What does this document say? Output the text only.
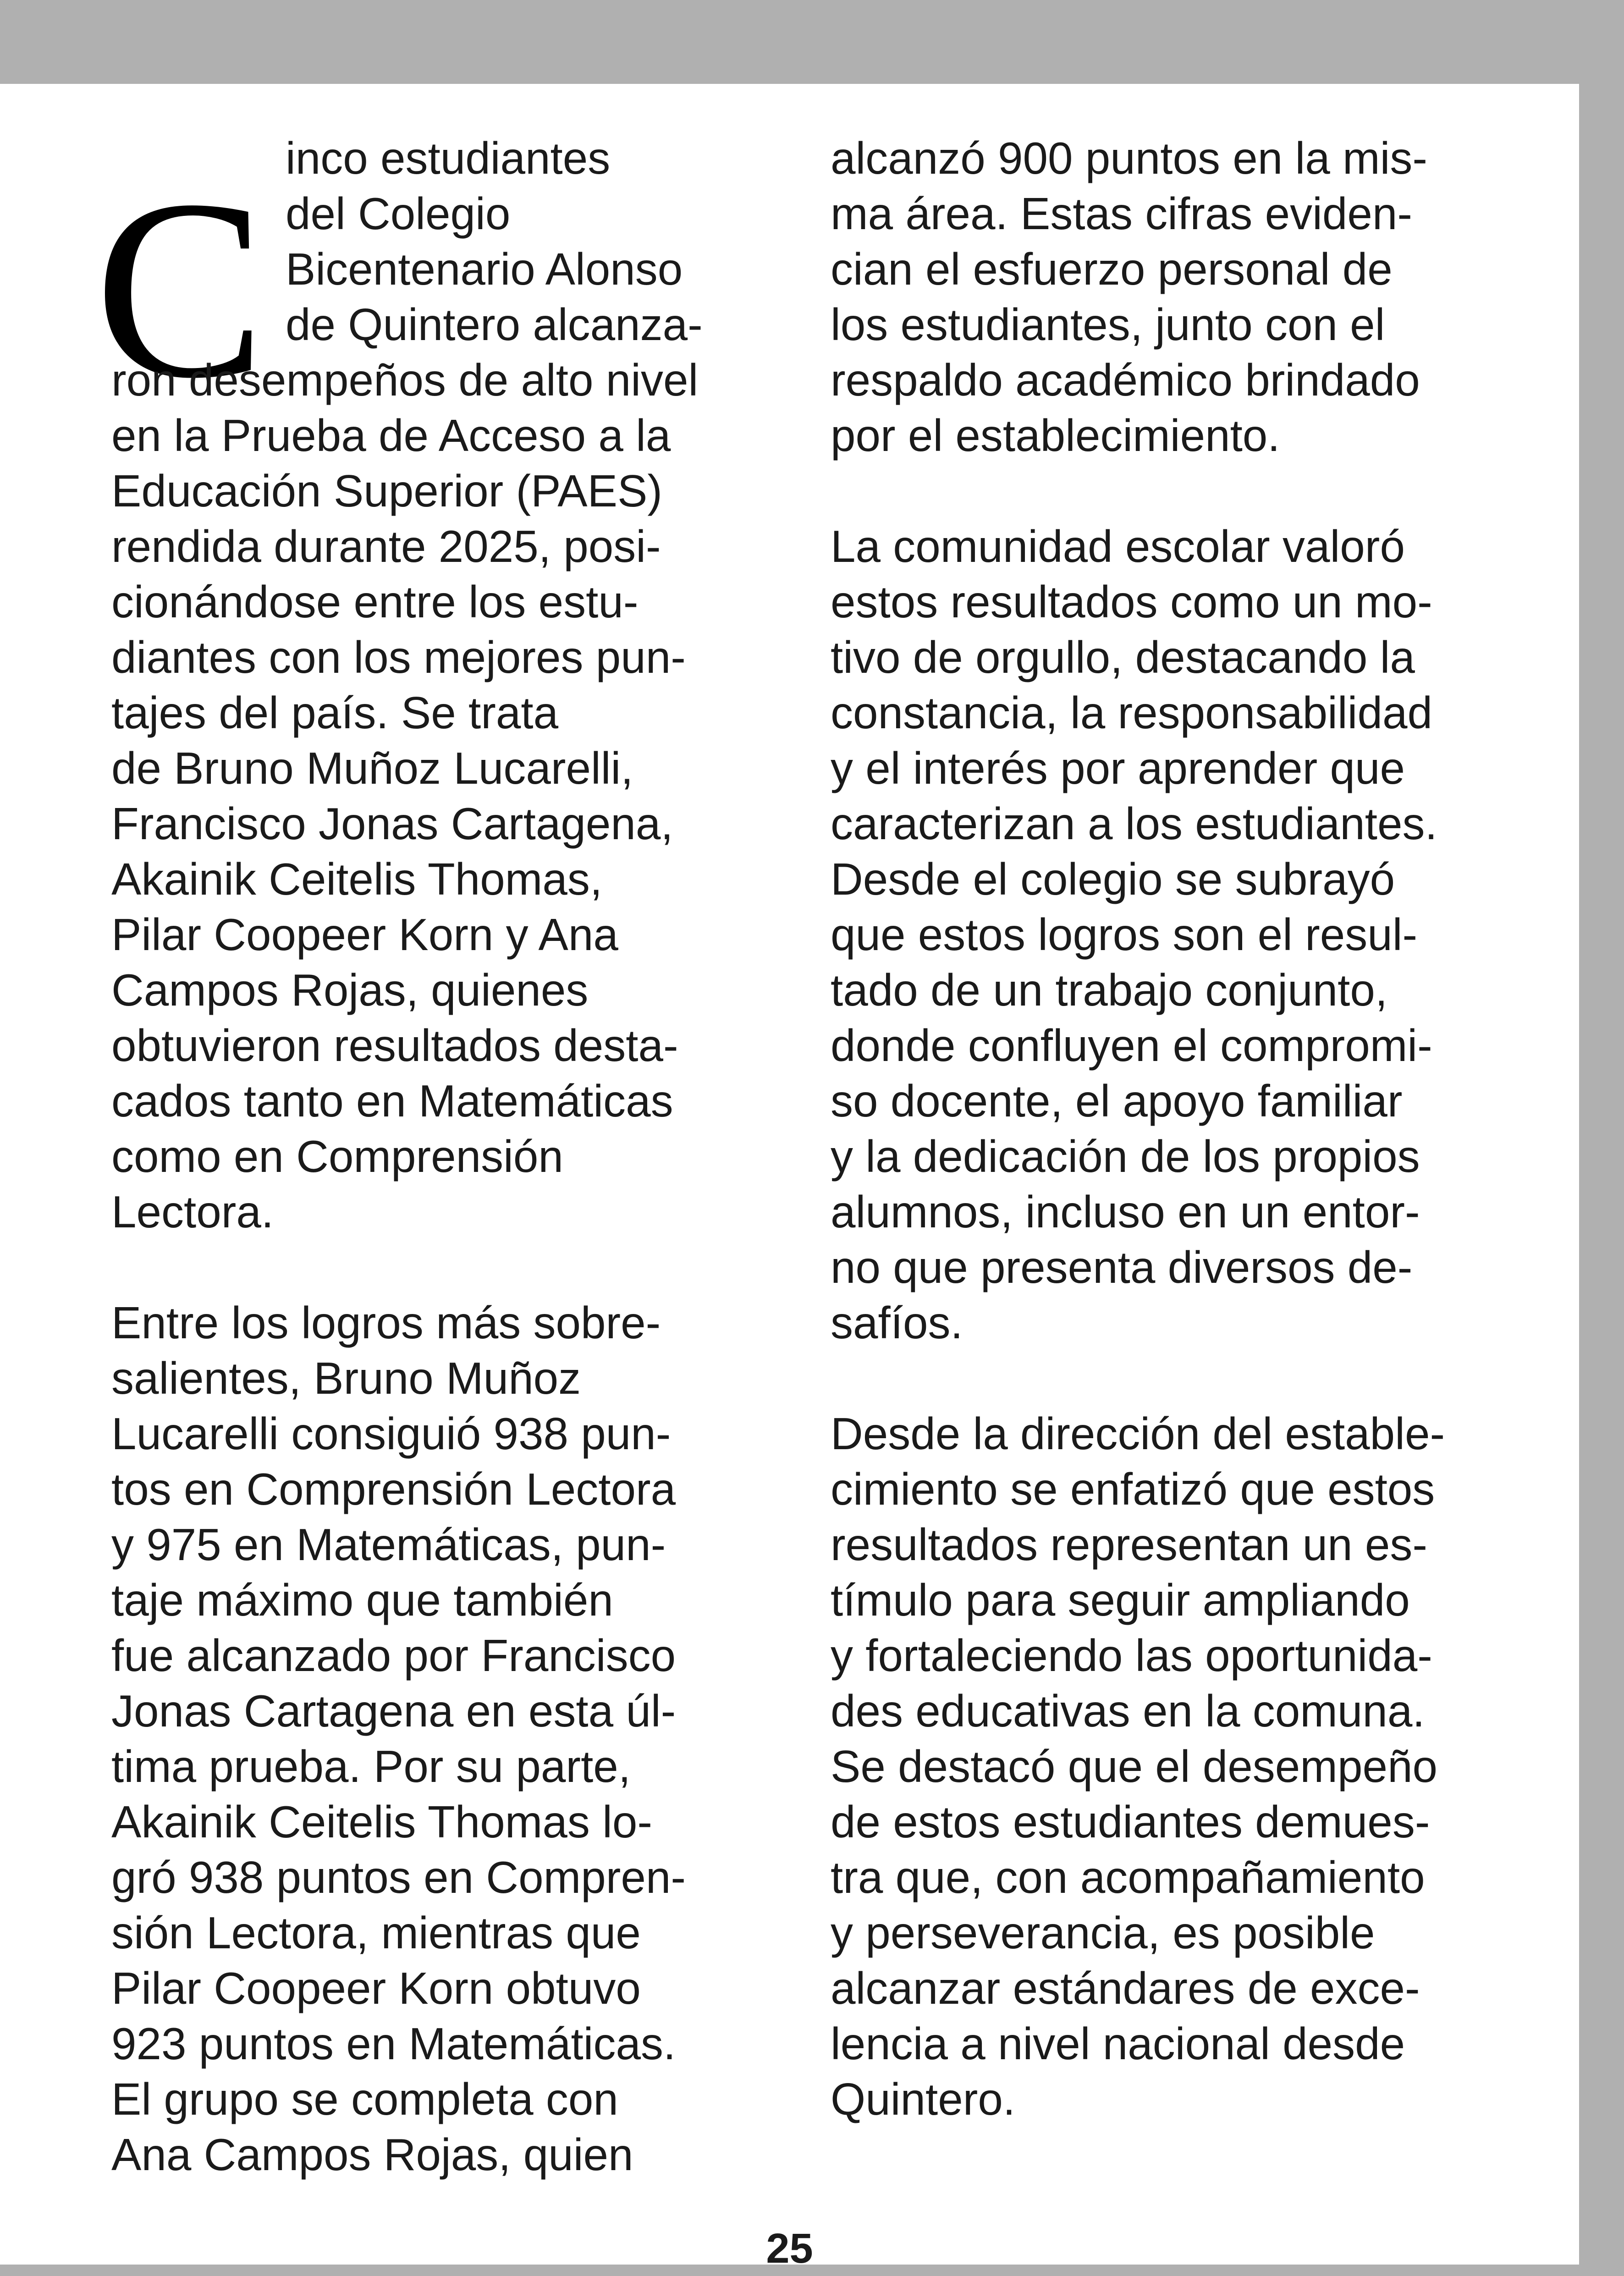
C inco estudiantes
del Colegio
Bicentenario Alonso
de Quintero alcanza-
ron desempeños de alto nivel
en la Prueba de Acceso a la
Educación Superior (PAES)
rendida durante 2025, posi-
cionándose entre los estu-
diantes con los mejores pun-
tajes del país. Se trata
de Bruno Muñoz Lucarelli,
Francisco Jonas Cartagena,
Akainik Ceitelis Thomas,
Pilar Coopeer Korn y Ana
Campos Rojas, quienes
obtuvieron resultados desta-
cados tanto en Matemáticas
como en Comprensión
Lectora.
Entre los logros más sobre-
salientes, Bruno Muñoz
Lucarelli consiguió 938 pun-
tos en Comprensión Lectora
y 975 en Matemáticas, pun-
taje máximo que también
fue alcanzado por Francisco
Jonas Cartagena en esta úl-
tima prueba. Por su parte,
Akainik Ceitelis Thomas lo-
gró 938 puntos en Compren-
sión Lectora, mientras que
Pilar Coopeer Korn obtuvo
923 puntos en Matemáticas.
El grupo se completa con
Ana Campos Rojas, quien
alcanzó 900 puntos en la mis-
ma área. Estas cifras eviden-
cian el esfuerzo personal de
los estudiantes, junto con el
respaldo académico brindado
por el establecimiento.
La comunidad escolar valoró
estos resultados como un mo-
tivo de orgullo, destacando la
constancia, la responsabilidad
y el interés por aprender que
caracterizan a los estudiantes.
Desde el colegio se subrayó
que estos logros son el resul-
tado de un trabajo conjunto,
donde confluyen el compromi-
so docente, el apoyo familiar
y la dedicación de los propios
alumnos, incluso en un entor-
no que presenta diversos de-
safíos.
Desde la dirección del estable-
cimiento se enfatizó que estos
resultados representan un es-
tímulo para seguir ampliando
y fortaleciendo las oportunida-
des educativas en la comuna.
Se destacó que el desempeño
de estos estudiantes demues-
tra que, con acompañamiento
y perseverancia, es posible
alcanzar estándares de exce-
lencia a nivel nacional desde
Quintero.
25
